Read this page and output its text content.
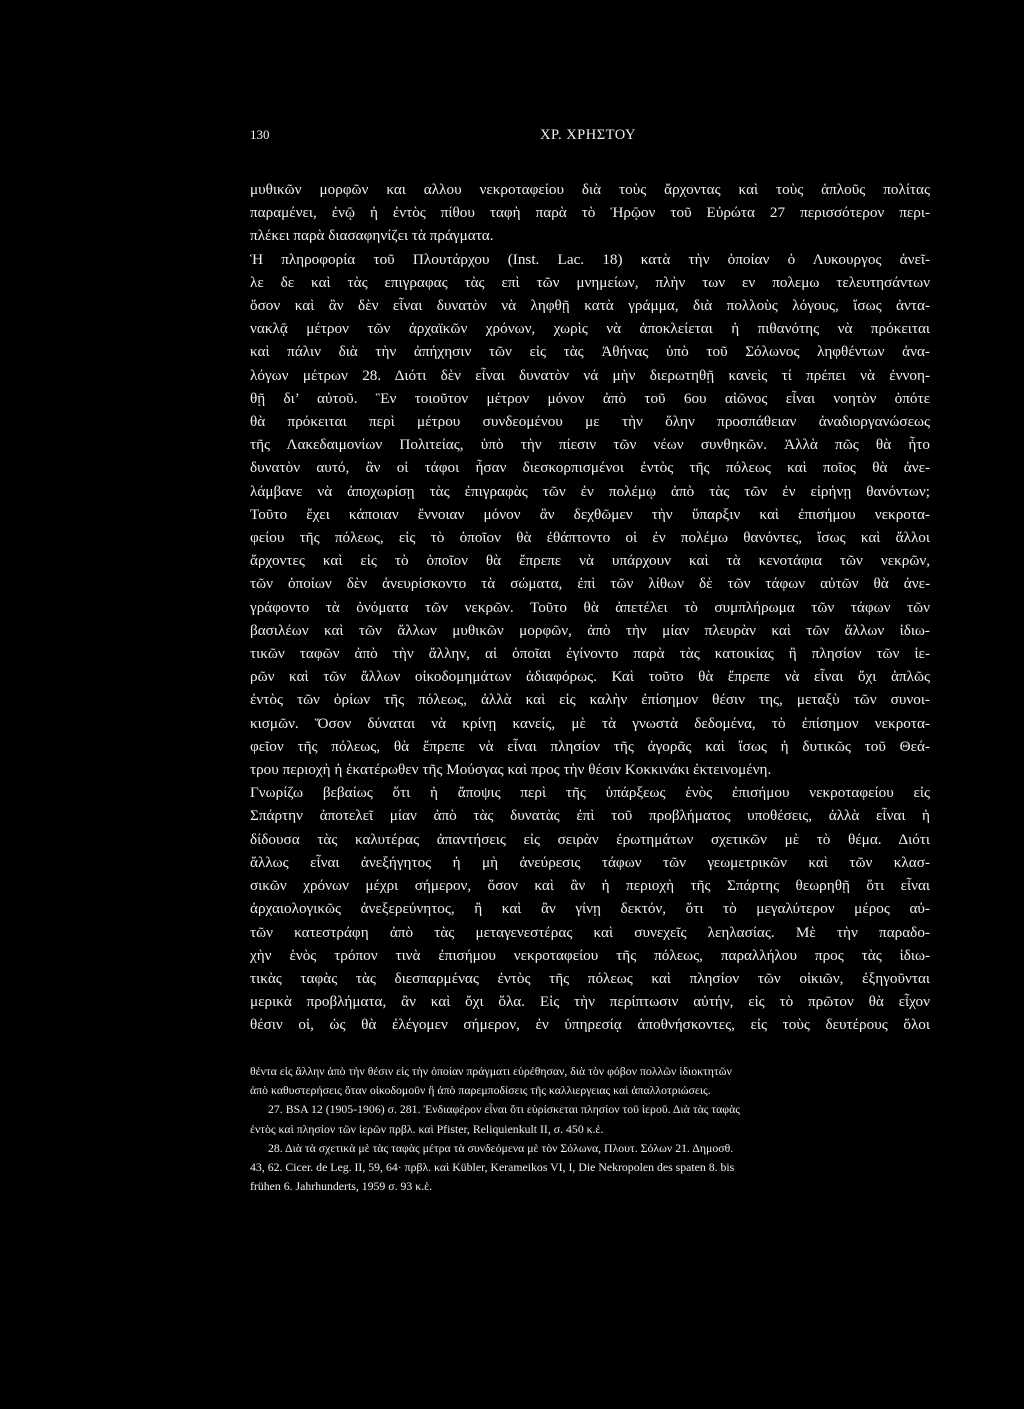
130	ΧΡ. ΧΡΗΣΤΟΥ
μυθικῶν μορφῶν και αλλου νεκροταφείου διὰ τοὺς ἄρχοντας καὶ τοὺς ἁπλοῦς πολίτας
παραμένει, ἐνῷ ἡ ἐντὸς πίθου ταφὴ παρὰ τὸ Ἡρῷον τοῦ Εὐρώτα 27 περισσότερον περι-
πλέκει παρὰ διασαφηνίζει τὰ πράγματα.
Ἡ πληροφορία τοῦ Πλουτάρχου (Inst. Lac. 18) κατὰ τὴν ὁποίαν ὁ Λυκουργος ἀνεῖ-
λε δε καὶ τὰς επιγραφας τὰς επὶ τῶν μνημείων, πλὴν των εν πολεμω τελευτησάντων
ὅσον καὶ ἂν δὲν εἶναι δυνατὸν νὰ ληφθῇ κατὰ γράμμα, διὰ πολλοὺς λόγους, ἴσως ἀντα-
νακλᾷ μέτρον τῶν ἀρχαϊκῶν χρόνων, χωρὶς νὰ ἀποκλείεται ἡ πιθανότης νὰ πρόκειται
καὶ πάλιν διὰ τὴν ἀπήχησιν τῶν εἰς τὰς Ἀθήνας ὑπὸ τοῦ Σόλωνος ληφθέντων ἀνα-
λόγων μέτρων 28. Διότι δὲν εἶναι δυνατὸν νά μὴν διερωτηθῇ κανεὶς τί πρέπει νὰ ἐννοη-
θῇ δι’ αὐτοῦ. Ἓν τοιοῦτον μέτρον μόνον ἀπὸ τοῦ 6ου αἰῶνος εἶναι νοητὸν ὁπότε
θὰ πρόκειται περὶ μέτρου συνδεομένου με τὴν ὅλην προσπάθειαν ἀναδιοργανώσεως
τῆς Λακεδαιμονίων Πολιτείας, ὑπὸ τὴν πίεσιν τῶν νέων συνθηκῶν. Ἀλλὰ πῶς θὰ ἦτο
δυνατὸν αυτό, ἂν οἱ τάφοι ἦσαν διεσκορπισμένοι ἐντὸς τῆς πόλεως καὶ ποῖος θὰ ἀνε-
λάμβανε νὰ ἀποχωρίσῃ τὰς ἐπιγραφὰς τῶν ἐν πολέμῳ ἀπὸ τὰς τῶν ἐν εἰρήνῃ θανόντων;
Τοῦτο ἔχει κάποιαν ἔννοιαν μόνον ἂν δεχθῶμεν τὴν ὕπαρξιν καὶ ἐπισήμου νεκροτα-
φείου τῆς πόλεως, εἰς τὸ ὁποῖον θὰ ἐθάπτοντο οἱ ἐν πολέμω θανόντες, ἴσως καὶ ἄλλοι
ἄρχοντες καὶ εἰς τὸ ὁποῖον θὰ ἔπρεπε νὰ υπάρχουν καὶ τὰ κενοτάφια τῶν νεκρῶν,
τῶν ὁποίων δὲν ἀνευρίσκοντο τὰ σώματα, ἐπὶ τῶν λίθων δὲ τῶν τάφων αὐτῶν θὰ ἀνε-
γράφοντο τὰ ὀνόματα τῶν νεκρῶν. Τοῦτο θὰ ἀπετέλει τὸ συμπλήρωμα τῶν τάφων τῶν
βασιλέων καὶ τῶν ἄλλων μυθικῶν μορφῶν, ἀπὸ τὴν μίαν πλευρὰν καὶ τῶν ἄλλων ἰδιω-
τικῶν ταφῶν ἀπὸ τὴν ἄλλην, αἱ ὁποῖαι ἐγίνοντο παρὰ τὰς κατοικίας ἢ πλησίον τῶν ἱε-
ρῶν καὶ τῶν ἄλλων οἰκοδομημάτων ἀδιαφόρως. Καὶ τοῦτο θὰ ἔπρεπε νὰ εἶναι ὄχι ἁπλῶς
ἐντὸς τῶν ὁρίων τῆς πόλεως, ἀλλὰ καὶ εἰς καλὴν ἐπίσημον θέσιν της, μεταξὺ τῶν συνοι-
κισμῶν. Ὅσον δύναται νὰ κρίνῃ κανείς, μὲ τὰ γνωστὰ δεδομένα, τὸ ἐπίσημον νεκροτα-
φεῖον τῆς πόλεως, θὰ ἔπρεπε νὰ εἶναι πλησίον τῆς ἀγορᾶς καὶ ἴσως ἡ δυτικῶς τοῦ Θεά-
τρου περιοχὴ ἡ ἑκατέρωθεν τῆς Μούσγας καὶ προς τὴν θέσιν Κοκκινάκι ἐκτεινομένη.
Γνωρίζω βεβαίως ὅτι ἡ ἄποψις περὶ τῆς ὑπάρξεως ἑνὸς ἐπισήμου νεκροταφείου εἰς
Σπάρτην ἀποτελεῖ μίαν ἀπὸ τὰς δυνατὰς ἐπὶ τοῦ προβλήματος υποθέσεις, ἀλλὰ εἶναι ἡ
δίδουσα τὰς καλυτέρας ἀπαντήσεις εἰς σειρὰν ἐρωτημάτων σχετικῶν μὲ τὸ θέμα. Διότι
ἄλλως εἶναι ἀνεξήγητος ἡ μὴ ἀνεύρεσις τάφων τῶν γεωμετρικῶν καὶ τῶν κλασ-
σικῶν χρόνων μέχρι σήμερον, ὅσον καὶ ἂν ἡ περιοχὴ τῆς Σπάρτης θεωρηθῇ ὅτι εἶναι
ἀρχαιολογικῶς ἀνεξερεύνητος, ἢ καὶ ἂν γίνῃ δεκτόν, ὅτι τὸ μεγαλύτερον μέρος αὐ-
τῶν κατεστράφη ἀπὸ τὰς μεταγενεστέρας καὶ συνεχεῖς λεηλασίας. Μὲ τὴν παραδο-
χὴν ἑνὸς τρόπον τινὰ ἐπισήμου νεκροταφείου τῆς πόλεως, παραλλήλου προς τὰς ἰδιω-
τικὰς ταφὰς τὰς διεσπαρμένας ἐντὸς τῆς πόλεως καὶ πλησίον τῶν οἰκιῶν, ἐξηγοῦνται
μερικὰ προβλήματα, ἂν καὶ ὄχι ὅλα. Εἰς τὴν περίπτωσιν αὐτήν, εἰς τὸ πρῶτον θὰ εἶχον
θέσιν οἱ, ὡς θὰ ἐλέγομεν σήμερον, ἐν ὑπηρεσίᾳ ἀποθνήσκοντες, εἰς τοὺς δευτέρους ὅλοι
θέντα εἰς ἄλλην ἀπὸ τὴν θέσιν εἰς τὴν ὁποίαν πράγματι εὑρέθησαν, διὰ τὸν φόβον πολλῶν ἰδιοκτητῶν
ἀπὸ καθυστερήσεις ὅταν οἰκοδομοῦν ἢ ἀπὸ παρεμποδίσεις τῆς καλλιεργειας καὶ ἀπαλλοτριώσεις.
27. BSA 12 (1905-1906) σ. 281. Ἐνδιαφέρον εἶναι ὅτι εὑρίσκεται πλησίον τοῦ ἱεροῦ. Διὰ τὰς ταφὰς
ἐντὸς καὶ πλησίον τῶν ἱερῶν πρβλ. καὶ Pfister, Reliquienkult II, σ. 450 κ.ἑ.
28. Διὰ τὰ σχετικὰ μὲ τὰς ταφὰς μέτρα τὰ συνδεόμενα μὲ τὸν Σόλωνα, Πλουτ. Σόλων 21. Δημοσθ.
43, 62. Cicer. de Leg. II, 59, 64· πρβλ. καὶ Kübler, Kerameikos VI, I, Die Nekropolen des spaten 8. bis
frühen 6. Jahrhunderts, 1959 σ. 93 κ.ἑ.
